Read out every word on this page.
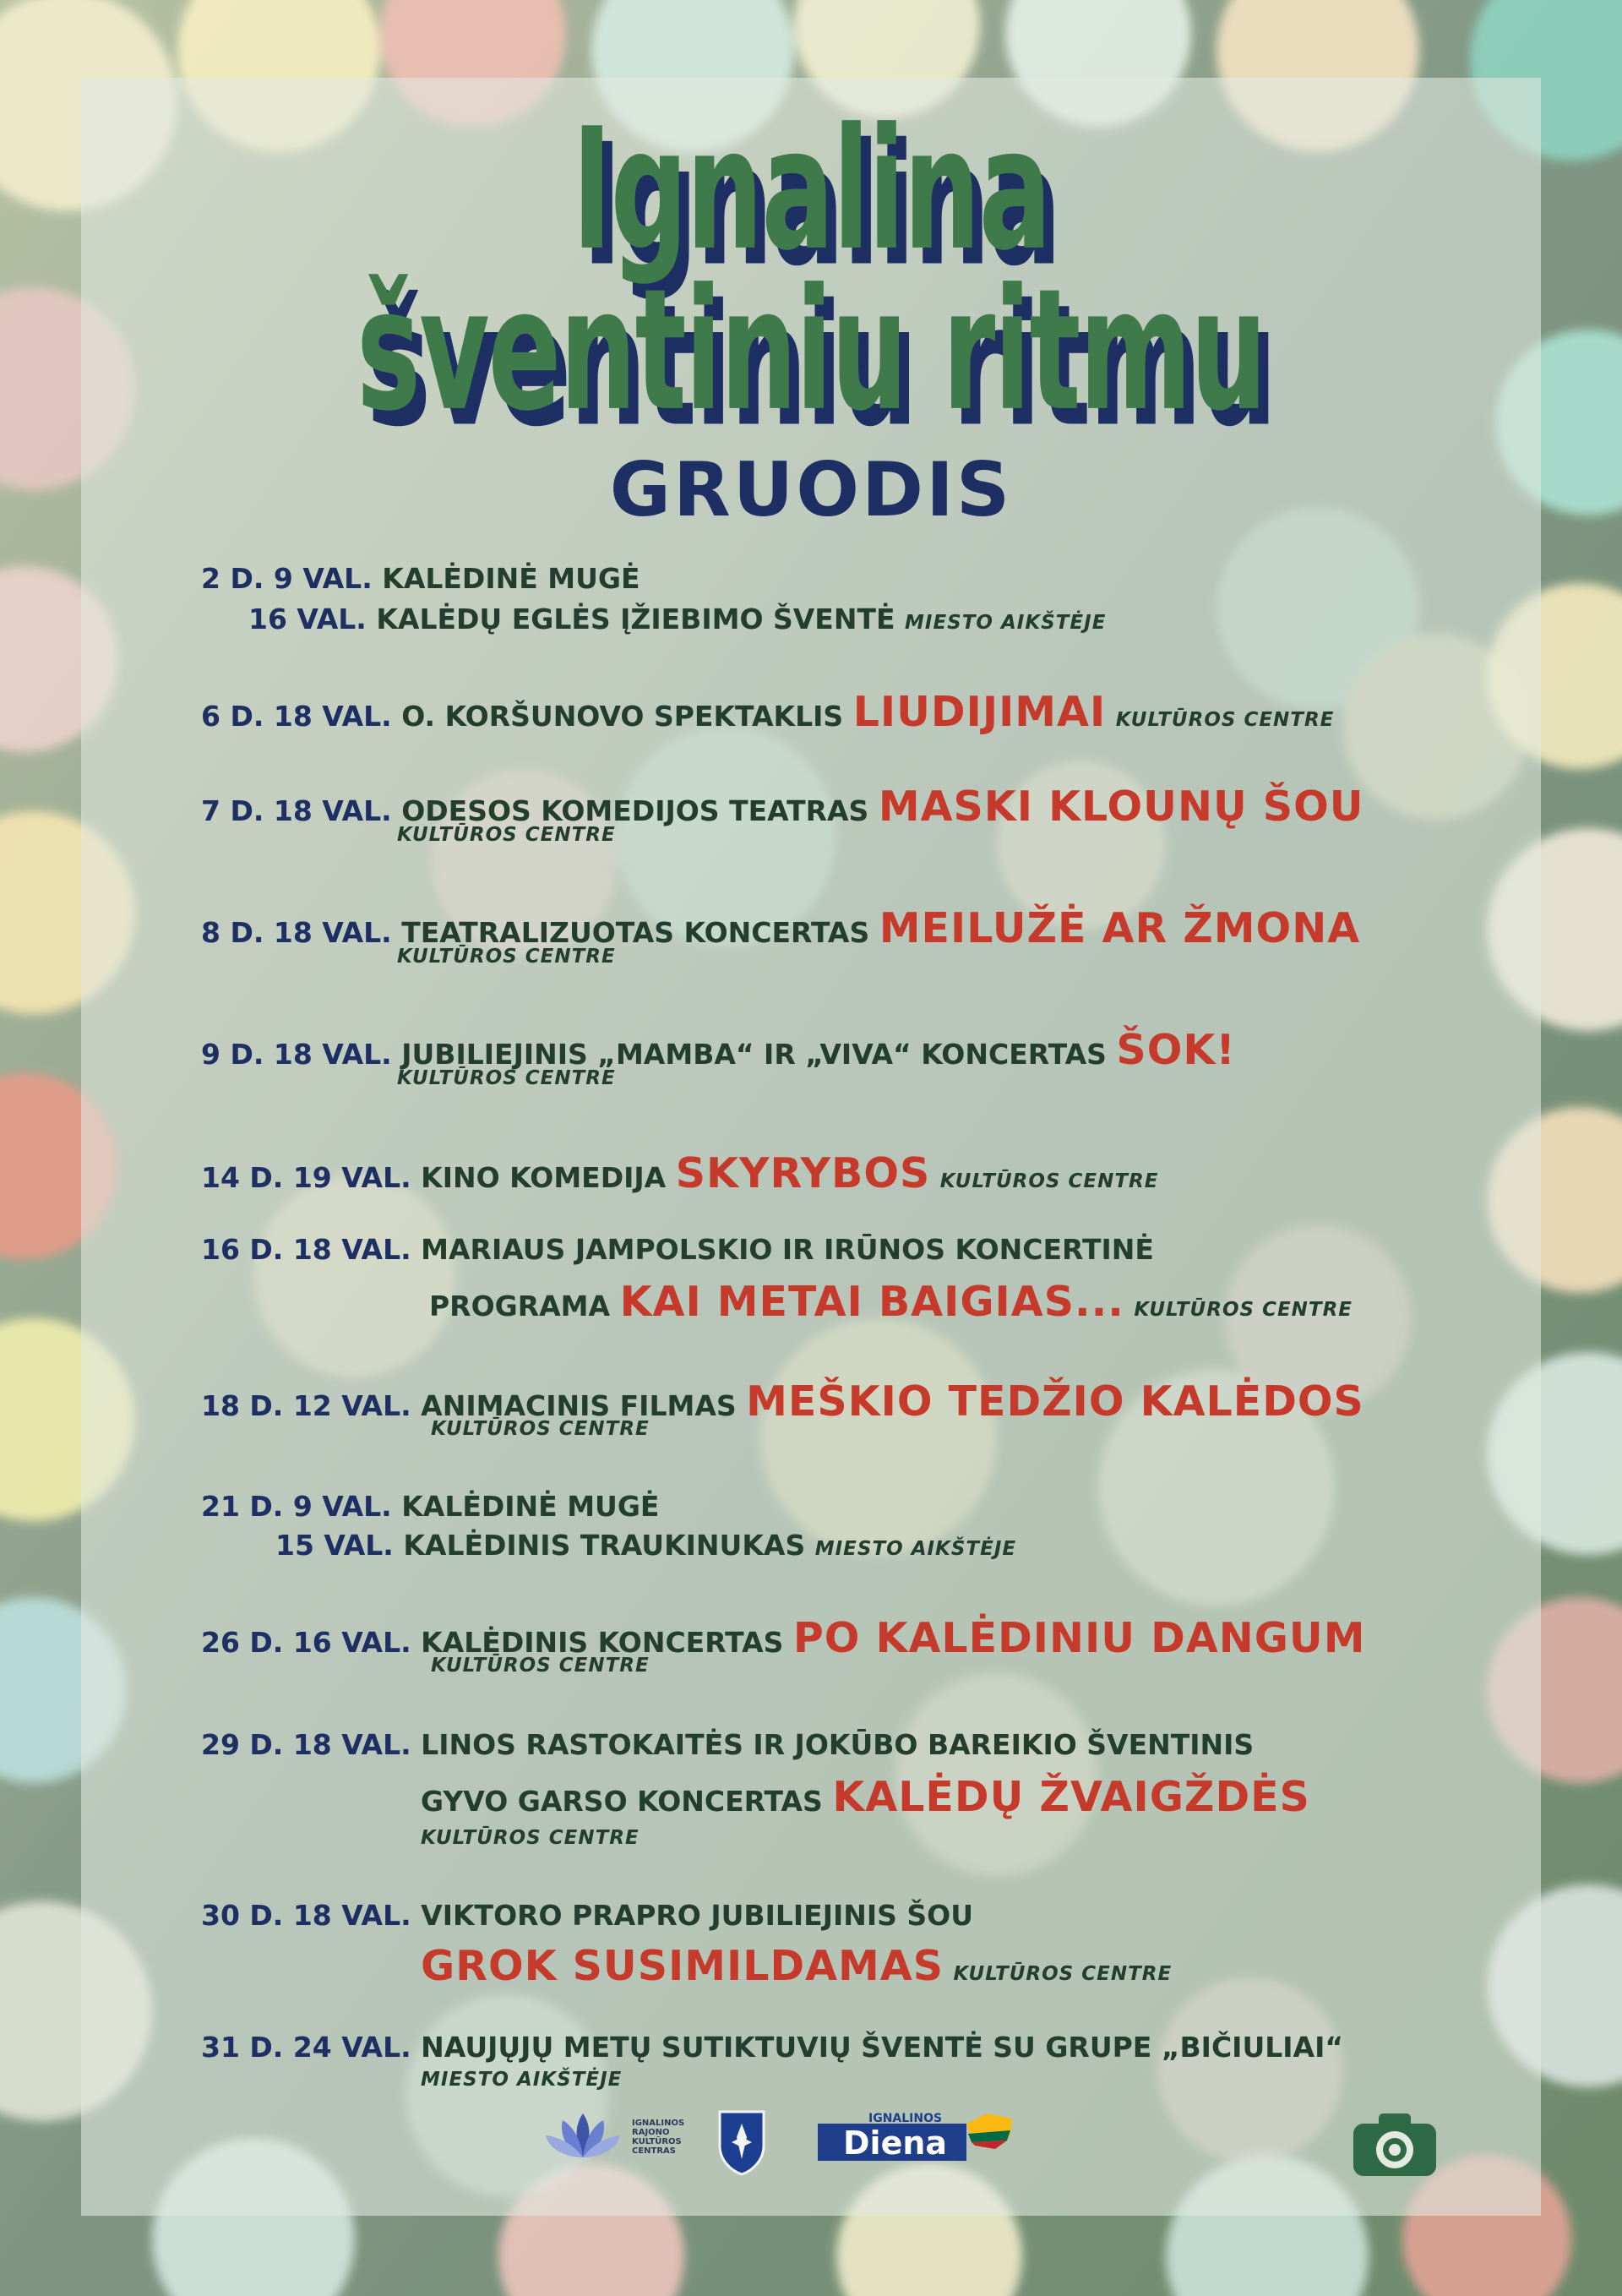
Ignalina
šventiniu ritmu
GRUODIS
2 D. 9 VAL. KALĖDINĖ MUGĖ
16 VAL. KALĖDŲ EGLĖS ĮŽIEBIMO ŠVENTĖ MIESTO AIKŠTĖJE
6 D. 18 VAL. O. KORŠUNOVO SPEKTAKLIS LIUDIJIMAI KULTŪROS CENTRE
7 D. 18 VAL. ODESOS KOMEDIJOS TEATRAS MASKI KLOUNŲ ŠOU
KULTŪROS CENTRE
8 D. 18 VAL. TEATRALIZUOTAS KONCERTAS MEILUŽĖ AR ŽMONA
KULTŪROS CENTRE
9 D. 18 VAL. JUBILIEJINIS „MAMBA“ IR „VIVA“ KONCERTAS ŠOK!
KULTŪROS CENTRE
14 D. 19 VAL. KINO KOMEDIJA SKYRYBOS KULTŪROS CENTRE
16 D. 18 VAL. MARIAUS JAMPOLSKIO IR IRŪNOS KONCERTINĖ
PROGRAMA KAI METAI BAIGIAS... KULTŪROS CENTRE
18 D. 12 VAL. ANIMACINIS FILMAS MEŠKIO TEDŽIO KALĖDOS
KULTŪROS CENTRE
21 D. 9 VAL. KALĖDINĖ MUGĖ
15 VAL. KALĖDINIS TRAUKINUKAS MIESTO AIKŠTĖJE
26 D. 16 VAL. KALĖDINIS KONCERTAS PO KALĖDINIU DANGUM
KULTŪROS CENTRE
29 D. 18 VAL. LINOS RASTOKAITĖS IR JOKŪBO BAREIKIO ŠVENTINIS
GYVO GARSO KONCERTAS KALĖDŲ ŽVAIGŽDĖS
KULTŪROS CENTRE
30 D. 18 VAL. VIKTORO PRAPRO JUBILIEJINIS ŠOU
GROK SUSIMILDAMAS KULTŪROS CENTRE
31 D. 24 VAL. NAUJŲJŲ METŲ SUTIKTUVIŲ ŠVENTĖ SU GRUPE „BIČIULIAI“
MIESTO AIKŠTĖJE
IGNALINOS
RAJONO
KULTŪROS
CENTRAS
IGNALINOS
Diena
